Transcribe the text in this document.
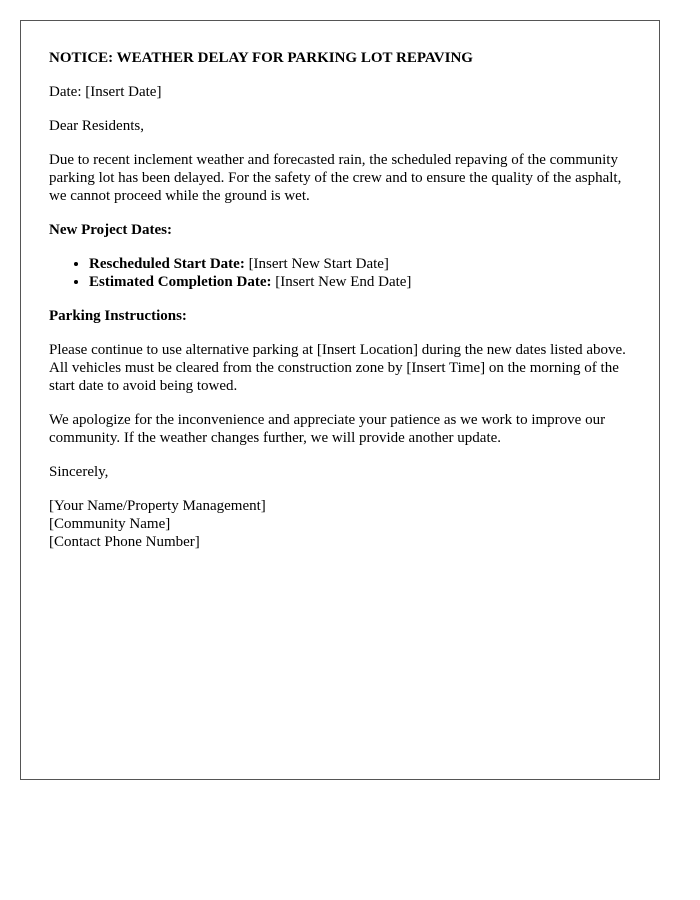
NOTICE: WEATHER DELAY FOR PARKING LOT REPAVING

Date: [Insert Date]

Dear Residents,

Due to recent inclement weather and forecasted rain, the scheduled repaving of the community parking lot has been delayed. For the safety of the crew and to ensure the quality of the asphalt, we cannot proceed while the ground is wet.

New Project Dates:
• Rescheduled Start Date: [Insert New Start Date]
• Estimated Completion Date: [Insert New End Date]
Parking Instructions:

Please continue to use alternative parking at [Insert Location] during the new dates listed above. All vehicles must be cleared from the construction zone by [Insert Time] on the morning of the start date to avoid being towed.

We apologize for the inconvenience and appreciate your patience as we work to improve our community. If the weather changes further, we will provide another update.

Sincerely,

[Your Name/Property Management]
[Community Name]
[Contact Phone Number]
